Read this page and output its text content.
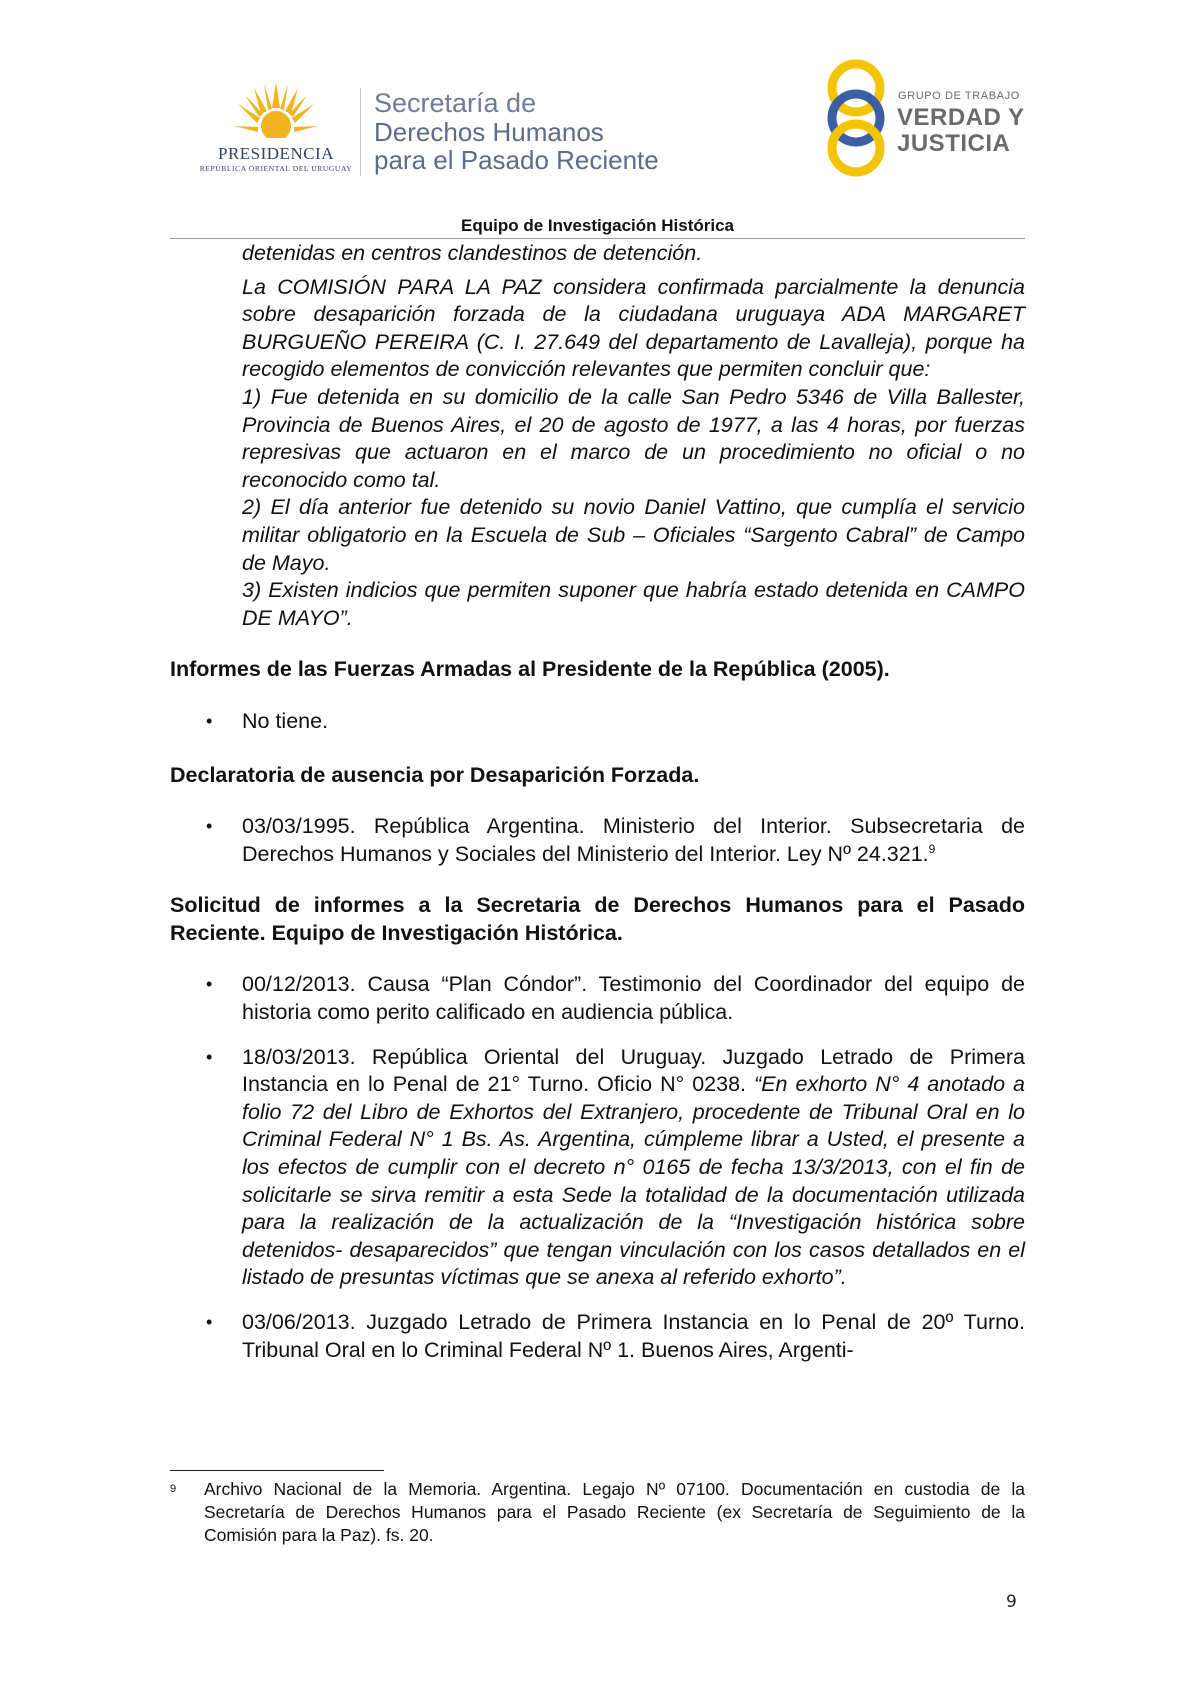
PRESIDENCIA
REPÚBLICA ORIENTAL DEL URUGUAY
Secretaría de
Derechos Humanos
para el Pasado Reciente
GRUPO DE TRABAJO
VERDAD Y
JUSTICIA
Equipo de Investigación Histórica

detenidas en centros clandestinos de detención.

La COMISIÓN PARA LA PAZ considera confirmada parcialmente la denuncia sobre desaparición forzada de la ciudadana uruguaya ADA MARGARET BURGUEÑO PEREIRA (C. I. 27.649 del departamento de Lavalleja), porque ha recogido elementos de convicción relevantes que permiten concluir que:

1) Fue detenida en su domicilio de la calle San Pedro 5346 de Villa Ballester, Provincia de Buenos Aires, el 20 de agosto de 1977, a las 4 horas, por fuerzas represivas que actuaron en el marco de un procedimiento no oficial o no reconocido como tal.

2) El día anterior fue detenido su novio Daniel Vattino, que cumplía el servicio militar obligatorio en la Escuela de Sub – Oficiales “Sargento Cabral” de Campo de Mayo.

3) Existen indicios que permiten suponer que habría estado detenida en CAMPO DE MAYO”.

Informes de las Fuerzas Armadas al Presidente de la República (2005).
• No tiene.
Declaratoria de ausencia por Desaparición Forzada.
• 03/03/1995. República Argentina. Ministerio del Interior. Subsecretaria de Derechos Humanos y Sociales del Ministerio del Interior. Ley Nº 24.321.$^9$
Solicitud de informes a la Secretaria de Derechos Humanos para el Pasado Reciente. Equipo de Investigación Histórica.
• 00/12/2013. Causa “Plan Cóndor”. Testimonio del Coordinador del equipo de historia como perito calificado en audiencia pública.
• 18/03/2013. República Oriental del Uruguay. Juzgado Letrado de Primera Instancia en lo Penal de 21° Turno. Oficio N° 0238. “En exhorto N° 4 anotado a folio 72 del Libro de Exhortos del Extranjero, procedente de Tribunal Oral en lo Criminal Federal N° 1 Bs. As. Argentina, cúmpleme librar a Usted, el presente a los efectos de cumplir con el decreto n° 0165 de fecha 13/3/2013, con el fin de solicitarle se sirva remitir a esta Sede la totalidad de la documentación utilizada para la realización de la actualización de la “Investigación histórica sobre detenidos- desaparecidos” que tengan vinculación con los casos detallados en el listado de presuntas víctimas que se anexa al referido exhorto”.
• 03/06/2013. Juzgado Letrado de Primera Instancia en lo Penal de 20º Turno. Tribunal Oral en lo Criminal Federal Nº 1. Buenos Aires, Argenti-
9 Archivo Nacional de la Memoria. Argentina. Legajo Nº 07100. Documentación en custodia de la Secretaría de Derechos Humanos para el Pasado Reciente (ex Secretaría de Seguimiento de la Comisión para la Paz). fs. 20.
9
